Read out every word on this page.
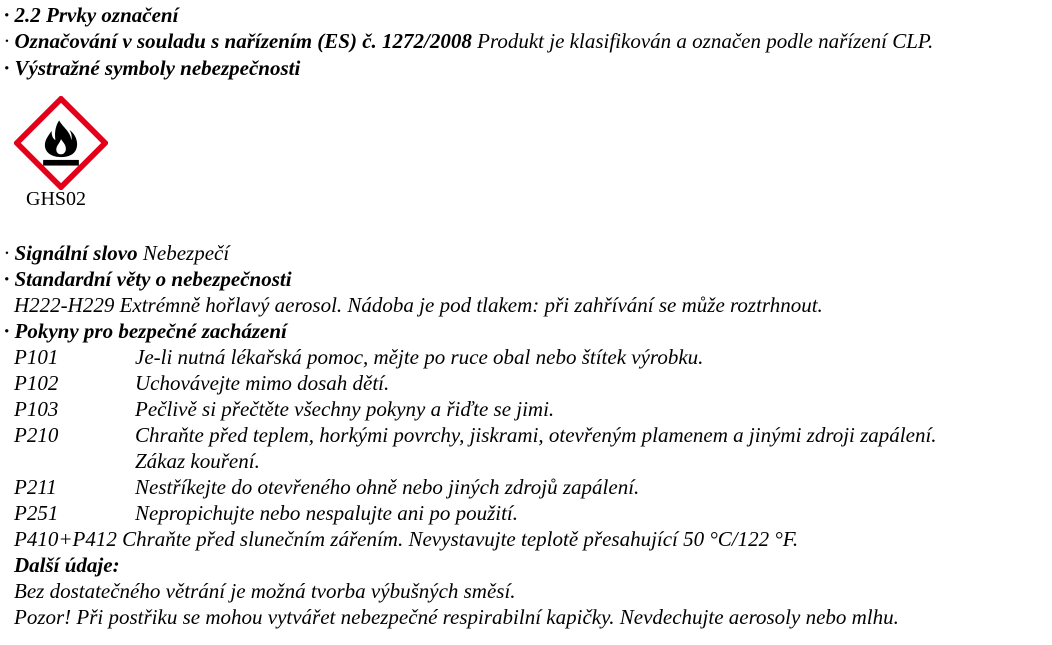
· 2.2 Prvky označení
· Označování v souladu s nařízením (ES) č. 1272/2008 Produkt je klasifikován a označen podle nařízení CLP.
· Výstražné symboly nebezpečnosti
GHS02
· Signální slovo Nebezpečí
· Standardní věty o nebezpečnosti
H222-H229 Extrémně hořlavý aerosol. Nádoba je pod tlakem: při zahřívání se může roztrhnout.
· Pokyny pro bezpečné zacházení
P101	Je-li nutná lékařská pomoc, mějte po ruce obal nebo štítek výrobku.
P102	Uchovávejte mimo dosah dětí.
P103	Pečlivě si přečtěte všechny pokyny a řiďte se jimi.
P210	Chraňte před teplem, horkými povrchy, jiskrami, otevřeným plamenem a jinými zdroji zapálení.
Zákaz kouření.
P211	Nestříkejte do otevřeného ohně nebo jiných zdrojů zapálení.
P251	Nepropichujte nebo nespalujte ani po použití.
P410+P412 Chraňte před slunečním zářením. Nevystavujte teplotě přesahující 50 °C/122 °F.
Další údaje:
Bez dostatečného větrání je možná tvorba výbušných směsí.
Pozor! Při postřiku se mohou vytvářet nebezpečné respirabilní kapičky. Nevdechujte aerosoly nebo mlhu.
